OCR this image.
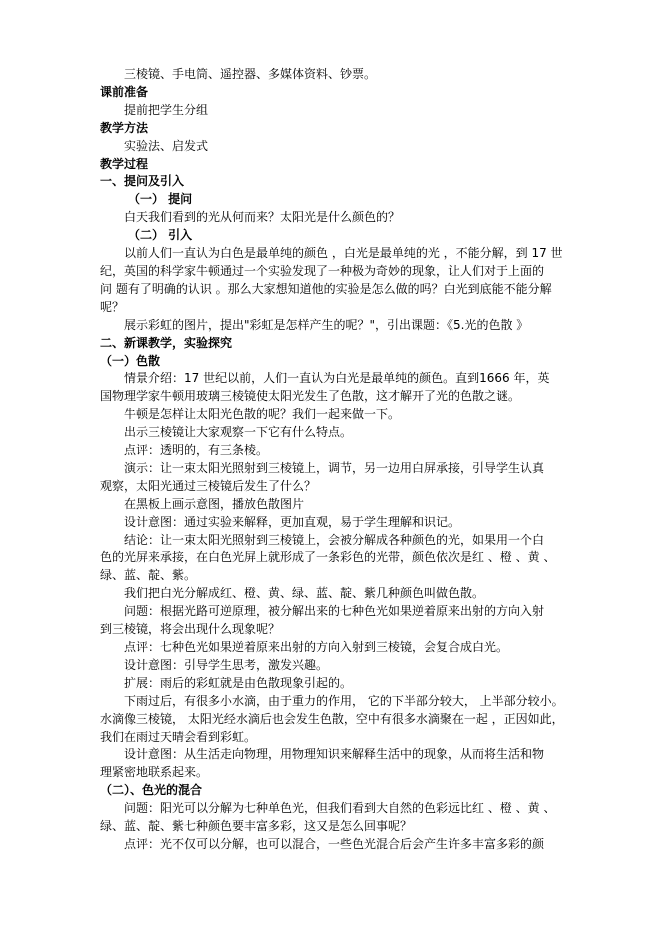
三棱镜、手电筒、遥控器、多媒体资料、钞票。

课前准备

提前把学生分组

教学方法

实验法、启发式

教学过程

一、提问及引入

（一） 提问

白天我们看到的光从何而来？太阳光是什么颜色的？

（二） 引入

以前人们一直认为白色是最单纯的颜色 ，白光是最单纯的光 ，不能分解，到 17 世

纪，英国的科学家牛顿通过一个实验发现了一种极为奇妙的现象，让人们对于上面的

问 题有了明确的认识 。那么大家想知道他的实验是怎么做的吗？白光到底能不能分解

呢？

展示彩虹的图片，提出"彩虹是怎样产生的呢？"，引出课题：《5.光的色散 》

二、新课教学，实验探究

（一）色散

情景介绍：17 世纪以前，人们一直认为白光是最单纯的颜色。直到1666 年，英

国物理学家牛顿用玻璃三棱镜使太阳光发生了色散，这才解开了光的色散之谜。

牛顿是怎样让太阳光色散的呢？我们一起来做一下。

出示三棱镜让大家观察一下它有什么特点。

点评：透明的，有三条棱。

演示：让一束太阳光照射到三棱镜上，调节，另一边用白屏承接，引导学生认真

观察，太阳光通过三棱镜后发生了什么？

在黑板上画示意图，播放色散图片

设计意图：通过实验来解释，更加直观，易于学生理解和识记。

结论：让一束太阳光照射到三棱镜上，会被分解成各种颜色的光，如果用一个白

色的光屏来承接，在白色光屏上就形成了一条彩色的光带，颜色依次是红 、橙 、黄 、

绿、蓝、靛、紫。

我们把白光分解成红、橙、黄、绿、蓝、靛、紫几种颜色叫做色散。

问题：根据光路可逆原理，被分解出来的七种色光如果逆着原来出射的方向入射

到三棱镜，将会出现什么现象呢？

点评：七种色光如果逆着原来出射的方向入射到三棱镜，会复合成白光。

设计意图：引导学生思考，激发兴趣。

扩展：雨后的彩虹就是由色散现象引起的。

下雨过后，有很多小水滴，由于重力的作用， 它的下半部分较大， 上半部分较小。

水滴像三棱镜， 太阳光经水滴后也会发生色散，空中有很多水滴聚在一起 ，正因如此，

我们在雨过天晴会看到彩虹。

设计意图：从生活走向物理，用物理知识来解释生活中的现象，从而将生活和物

理紧密地联系起来。

（二）、色光的混合

问题：阳光可以分解为七种单色光，但我们看到大自然的色彩远比红 、橙 、黄 、

绿、蓝、靛、紫七种颜色要丰富多彩，这又是怎么回事呢？

点评：光不仅可以分解，也可以混合，一些色光混合后会产生许多丰富多彩的颜
